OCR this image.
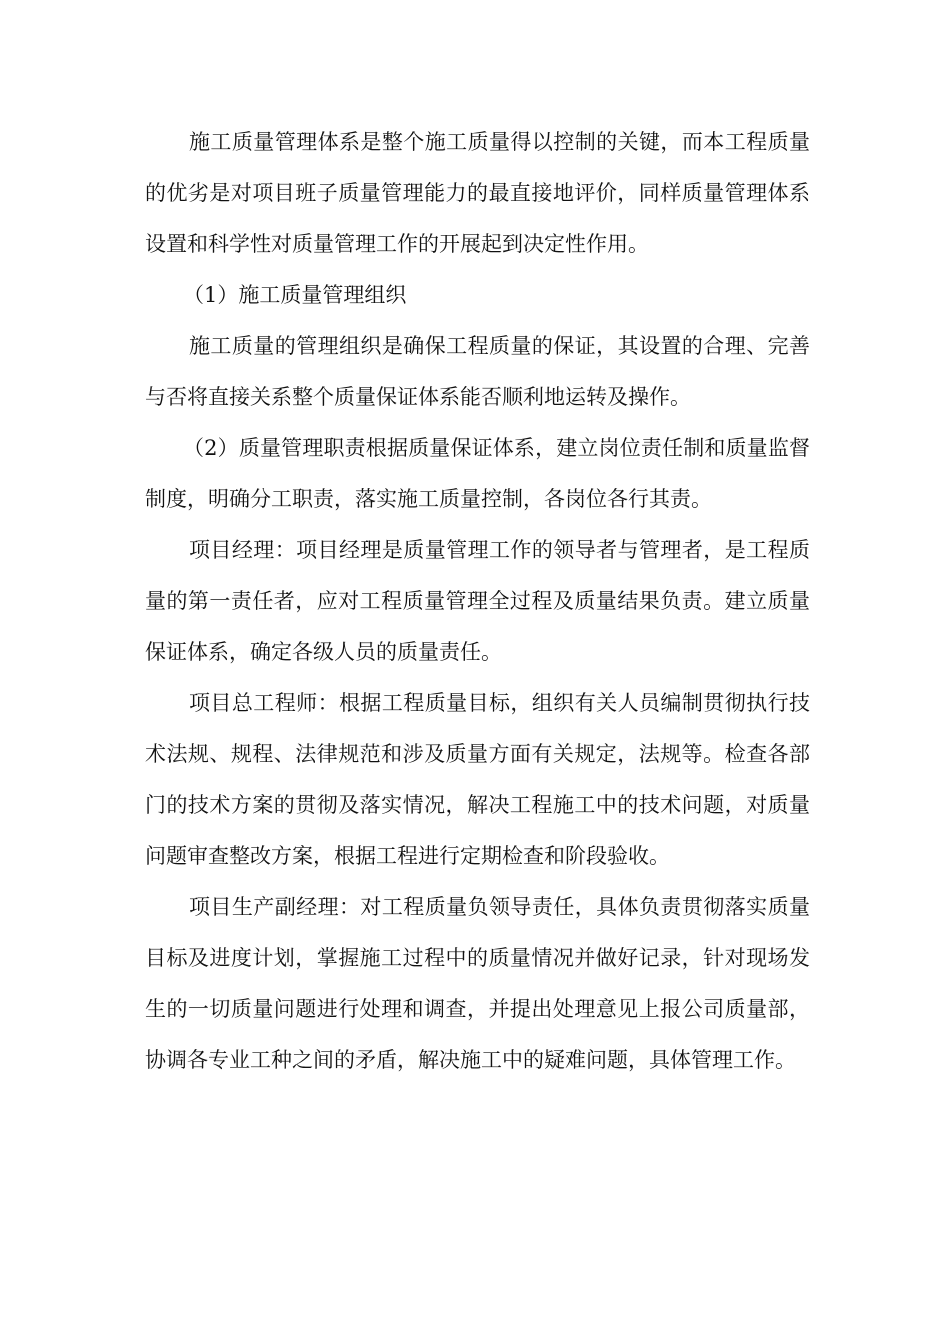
施工质量管理体系是整个施工质量得以控制的关键，而本工程质量的优劣是对项目班子质量管理能力的最直接地评价，同样质量管理体系设置和科学性对质量管理工作的开展起到决定性作用。

（1）施工质量管理组织

施工质量的管理组织是确保工程质量的保证，其设置的合理、完善与否将直接关系整个质量保证体系能否顺利地运转及操作。

（2）质量管理职责根据质量保证体系，建立岗位责任制和质量监督制度，明确分工职责，落实施工质量控制，各岗位各行其责。

项目经理：项目经理是质量管理工作的领导者与管理者，是工程质量的第一责任者，应对工程质量管理全过程及质量结果负责。建立质量保证体系，确定各级人员的质量责任。

项目总工程师：根据工程质量目标，组织有关人员编制贯彻执行技术法规、规程、法律规范和涉及质量方面有关规定，法规等。检查各部门的技术方案的贯彻及落实情况，解决工程施工中的技术问题，对质量问题审查整改方案，根据工程进行定期检查和阶段验收。

项目生产副经理：对工程质量负领导责任，具体负责贯彻落实质量目标及进度计划，掌握施工过程中的质量情况并做好记录，针对现场发生的一切质量问题进行处理和调查，并提出处理意见上报公司质量部，协调各专业工种之间的矛盾，解决施工中的疑难问题，具体管理工作。
